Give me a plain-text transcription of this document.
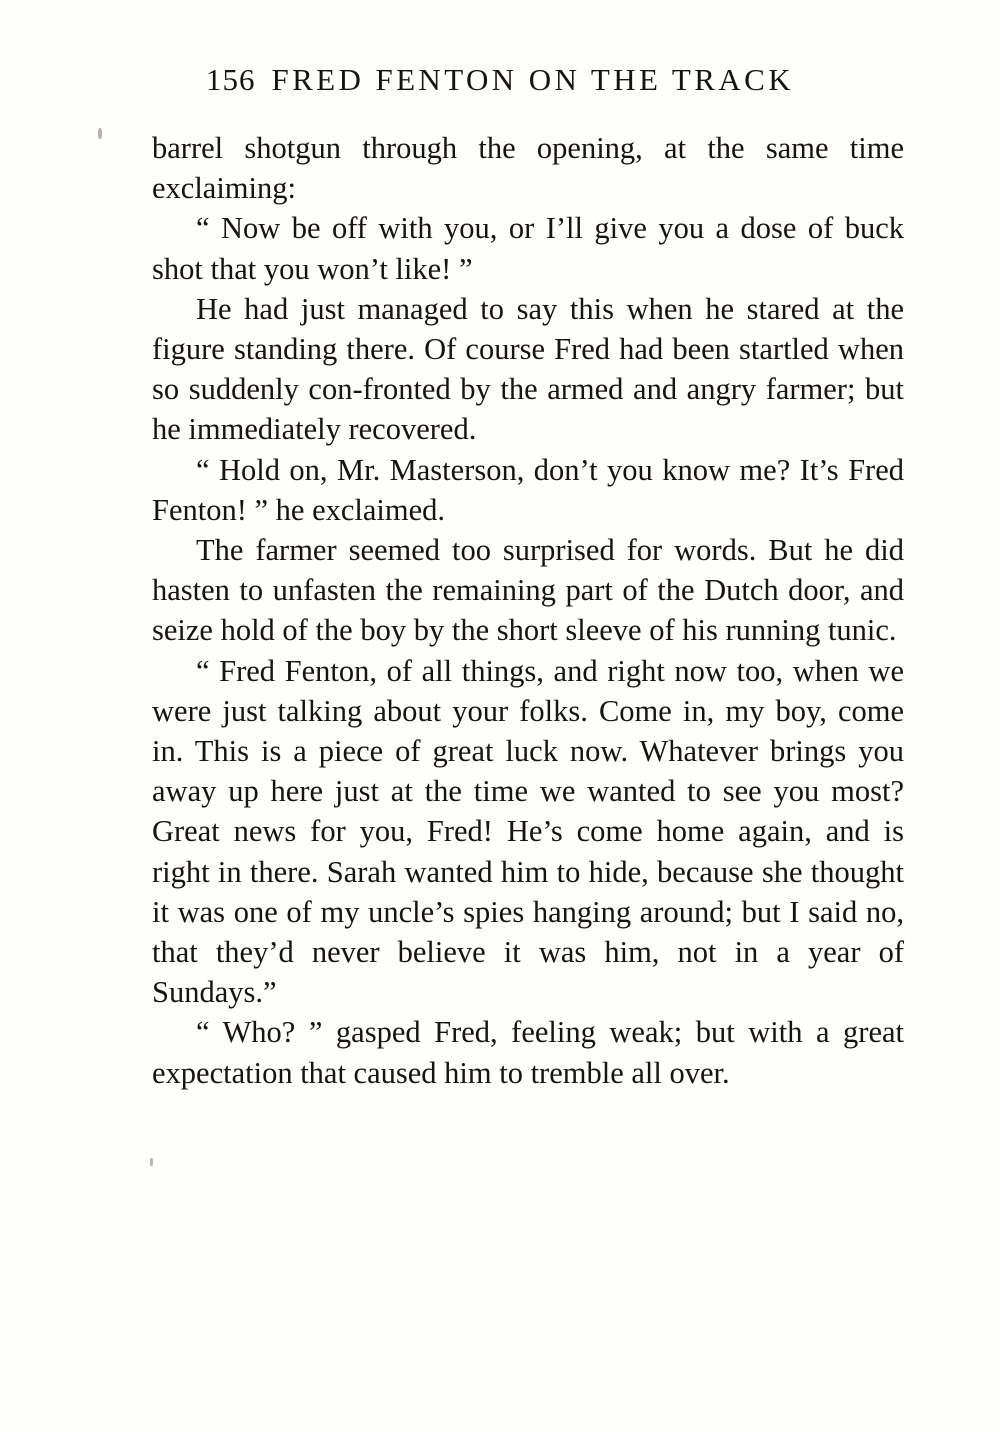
156 FRED FENTON ON THE TRACK

barrel shotgun through the opening, at the same time exclaiming:

“ Now be off with you, or I’ll give you a dose of buck shot that you won’t like! ”

He had just managed to say this when he stared at the figure standing there. Of course Fred had been startled when so suddenly con-fronted by the armed and angry farmer; but he immediately recovered.

“ Hold on, Mr. Masterson, don’t you know me? It’s Fred Fenton! ” he exclaimed.

The farmer seemed too surprised for words. But he did hasten to unfasten the remaining part of the Dutch door, and seize hold of the boy by the short sleeve of his running tunic.

“ Fred Fenton, of all things, and right now too, when we were just talking about your folks. Come in, my boy, come in. This is a piece of great luck now. Whatever brings you away up here just at the time we wanted to see you most? Great news for you, Fred! He’s come home again, and is right in there. Sarah wanted him to hide, because she thought it was one of my uncle’s spies hanging around; but I said no, that they’d never believe it was him, not in a year of Sundays.”

“ Who? ” gasped Fred, feeling weak; but with a great expectation that caused him to tremble all over.
